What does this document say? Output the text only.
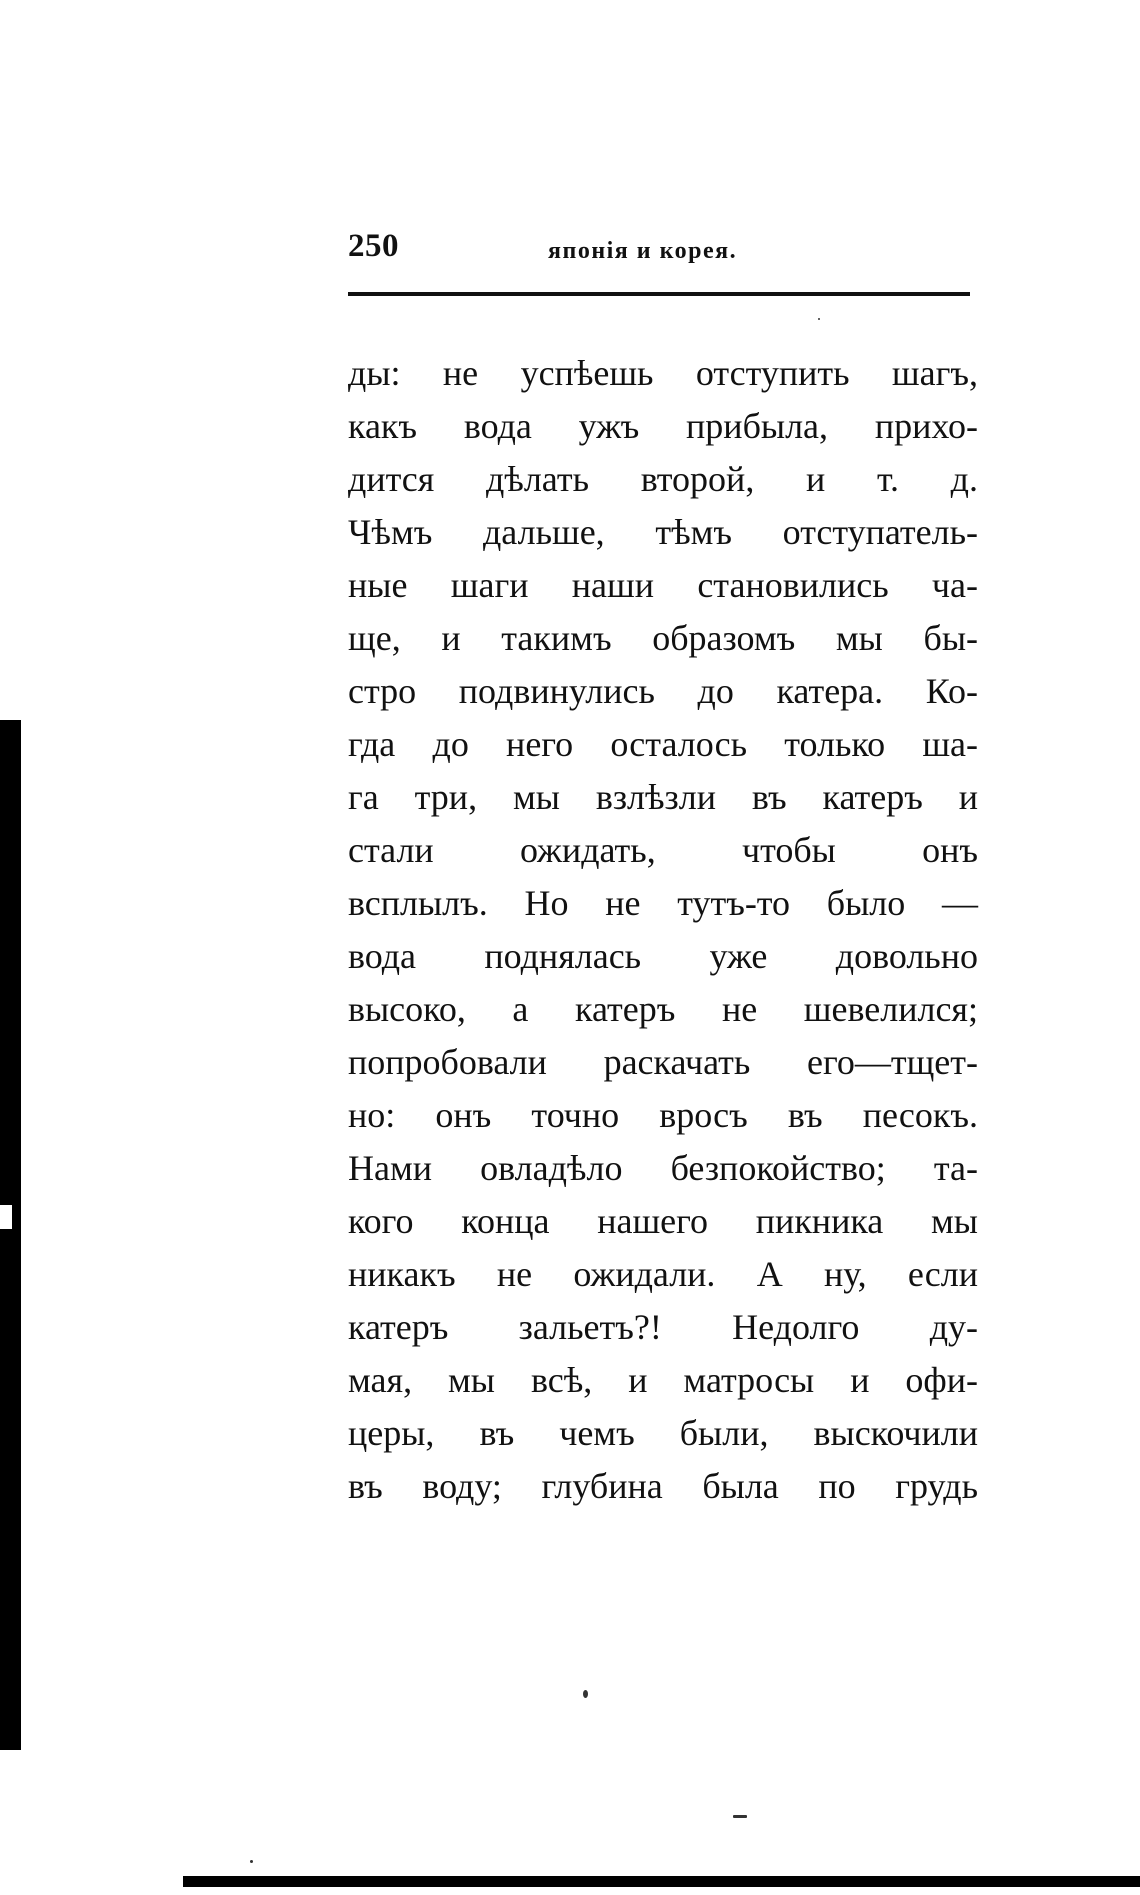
250	японія и корея.
ды: не успѣешь отступить шагъ,
какъ вода ужъ прибыла, прихо-
дится дѣлать второй, и т. д.
Чѣмъ дальше, тѣмъ отступатель-
ные шаги наши становились ча-
ще, и такимъ образомъ мы бы-
стро подвинулись до катера. Ко-
гда до него осталось только ша-
га три, мы взлѣзли въ катеръ и
стали ожидать, чтобы онъ
всплылъ. Но не тутъ-то было —
вода поднялась уже довольно
высоко, а катеръ не шевелился;
попробовали раскачать его—тщет-
но: онъ точно вросъ въ песокъ.
Нами овладѣло безпокойство; та-
кого конца нашего пикника мы
никакъ не ожидали. А ну, если
катеръ зальетъ?! Недолго ду-
мая, мы всѣ, и матросы и офи-
церы, въ чемъ были, выскочили
въ воду; глубина была по грудь
